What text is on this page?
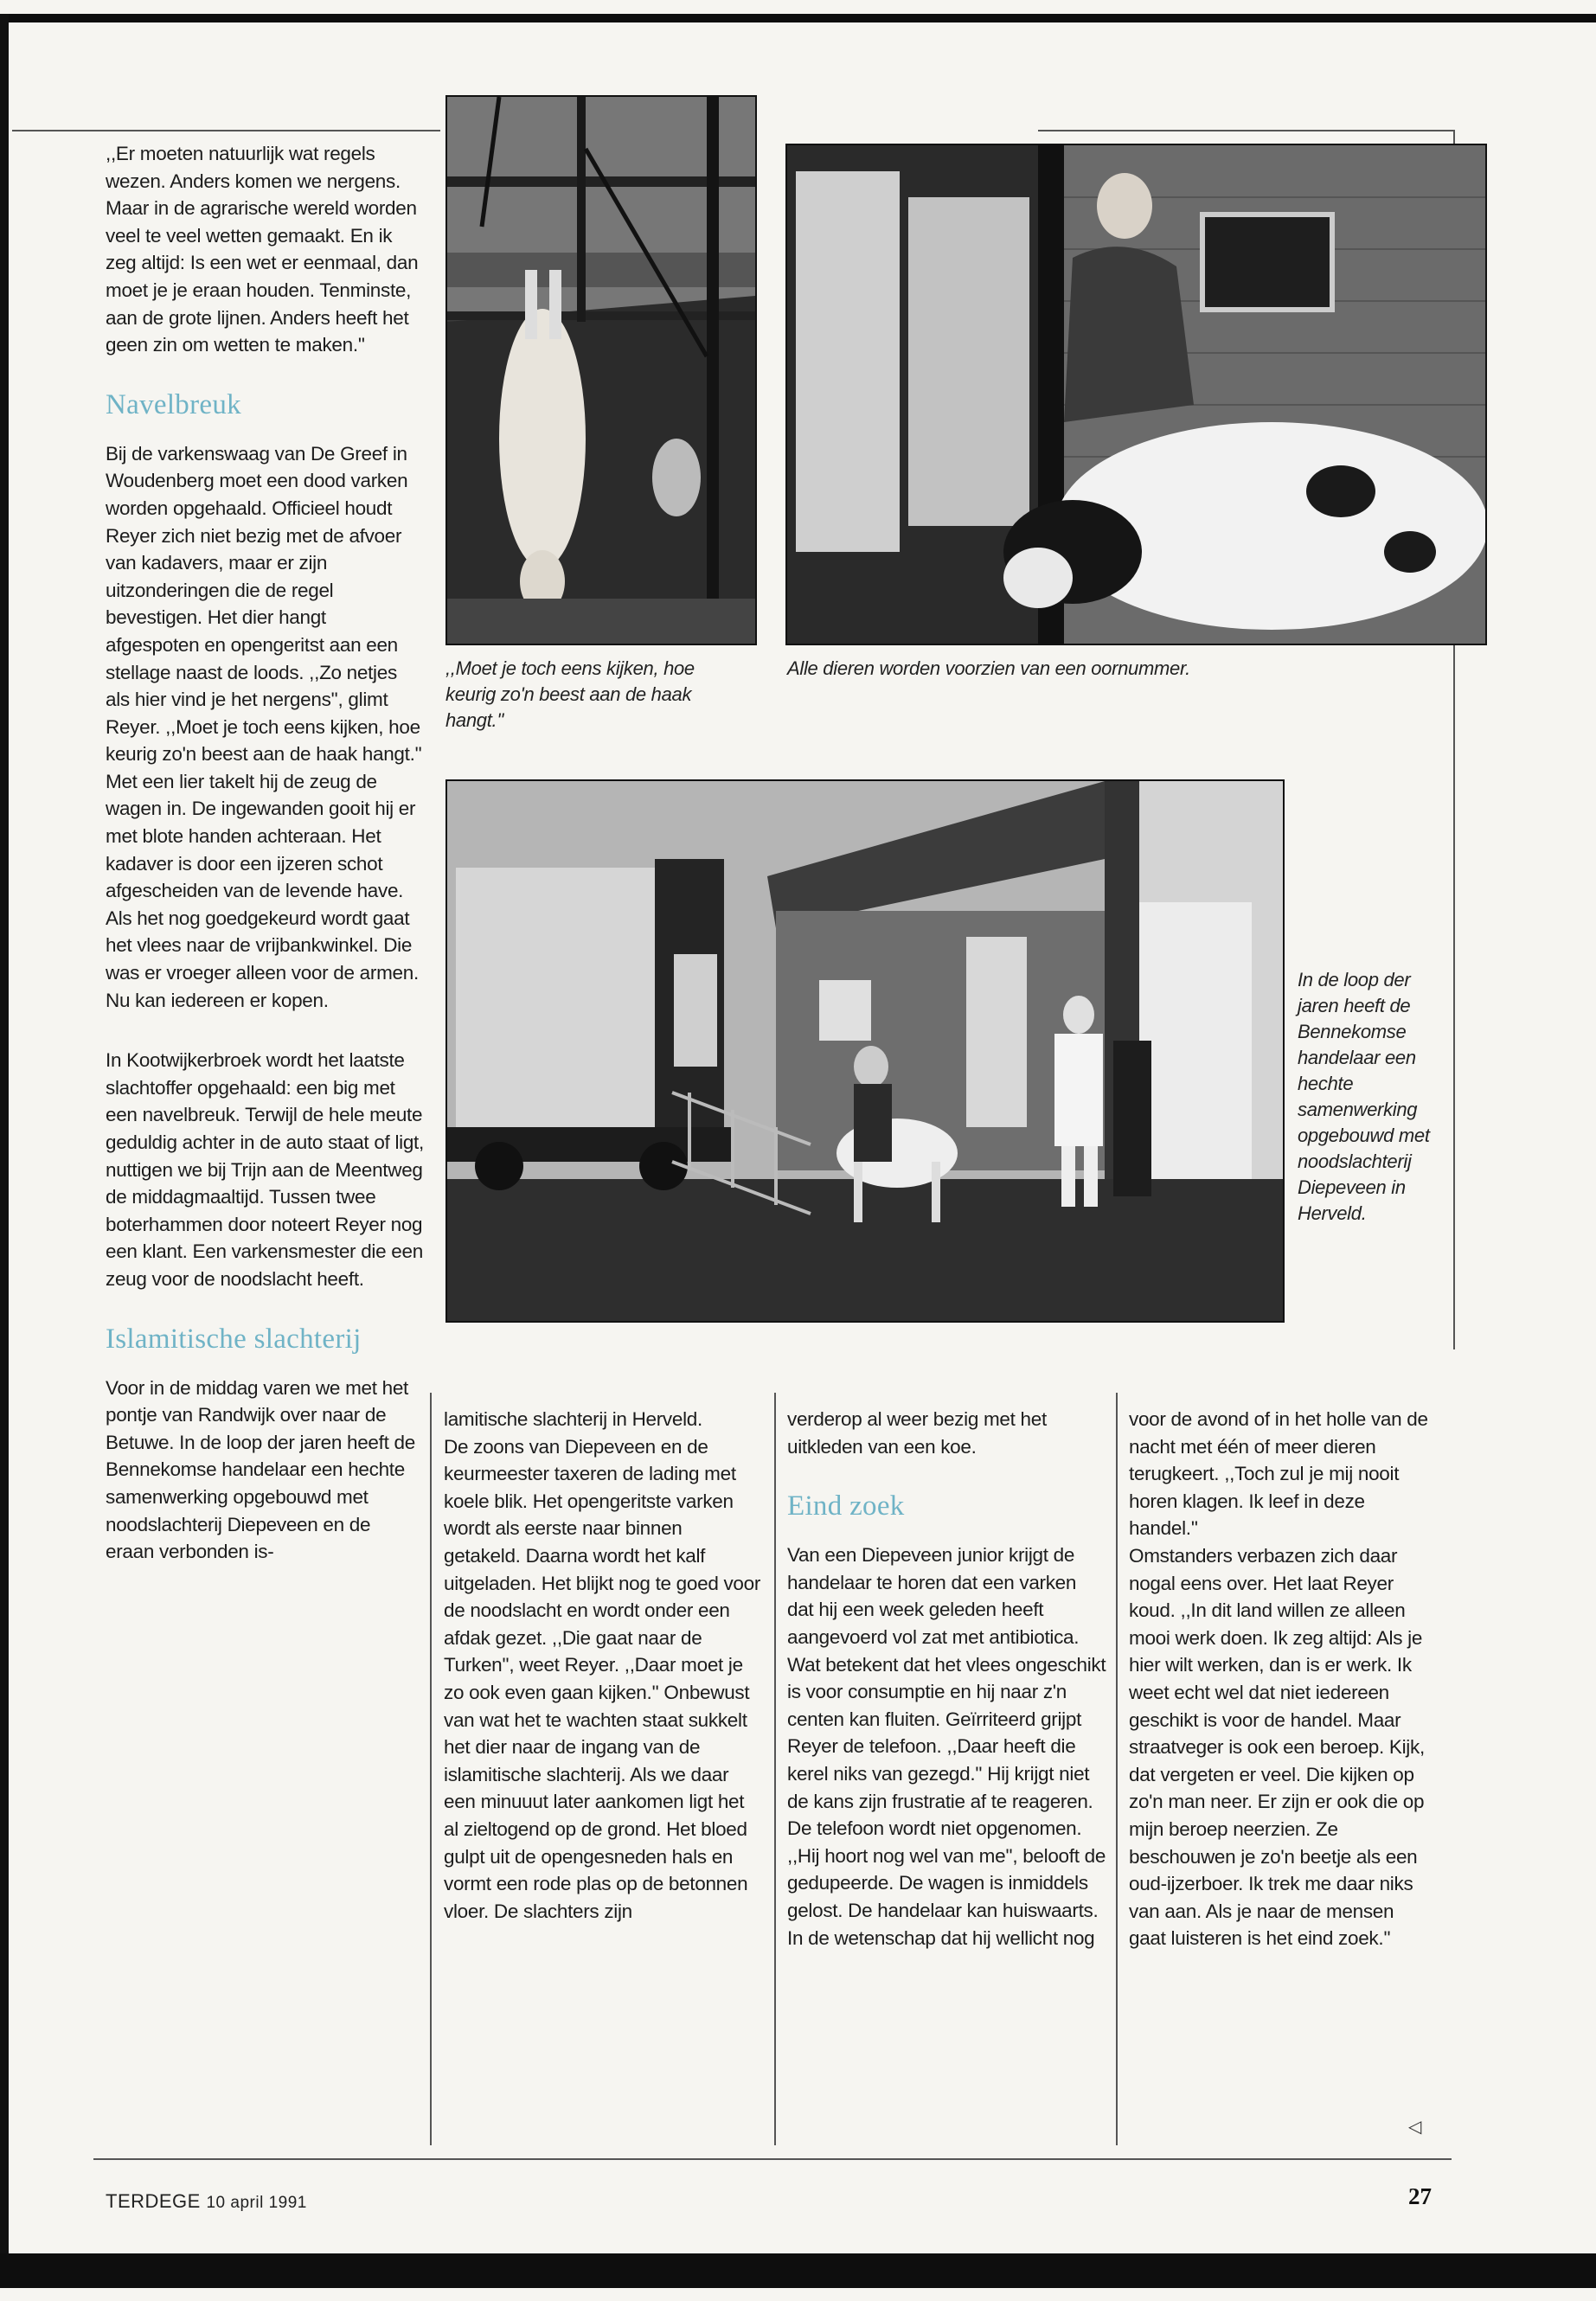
,,Er moeten natuurlijk wat regels wezen. Anders komen we nergens. Maar in de agrarische wereld worden veel te veel wetten gemaakt. En ik zeg altijd: Is een wet er eenmaal, dan moet je je eraan houden. Tenminste, aan de grote lijnen. Anders heeft het geen zin om wetten te maken.''

Navelbreuk

Bij de varkenswaag van De Greef in Woudenberg moet een dood varken worden opgehaald. Officieel houdt Reyer zich niet bezig met de afvoer van kadavers, maar er zijn uitzonderingen die de regel bevestigen. Het dier hangt afgespoten en opengeritst aan een stellage naast de loods. ,,Zo netjes als hier vind je het nergens'', glimt Reyer. ,,Moet je toch eens kijken, hoe keurig zo'n beest aan de haak hangt.''

Met een lier takelt hij de zeug de wagen in. De ingewanden gooit hij er met blote handen achteraan. Het kadaver is door een ijzeren schot afgescheiden van de levende have. Als het nog goedgekeurd wordt gaat het vlees naar de vrijbankwinkel. Die was er vroeger alleen voor de armen. Nu kan iedereen er kopen.

In Kootwijkerbroek wordt het laatste slachtoffer opgehaald: een big met een navelbreuk. Terwijl de hele meute geduldig achter in de auto staat of ligt, nuttigen we bij Trijn aan de Meentweg de middagmaaltijd. Tussen twee boterhammen door noteert Reyer nog een klant. Een varkensmester die een zeug voor de noodslacht heeft.

Islamitische slachterij

Voor in de middag varen we met het pontje van Randwijk over naar de Betuwe. In de loop der jaren heeft de Bennekomse handelaar een hechte samenwerking opgebouwd met noodslachterij Diepeveen en de eraan verbonden is-

,,Moet je toch eens kijken, hoe keurig zo'n beest aan de haak hangt.''
Alle dieren worden voorzien van een oornummer.
In de loop der jaren heeft de Bennekomse handelaar een hechte samenwerking opgebouwd met noodslachterij Diepeveen in Herveld.

lamitische slachterij in Herveld.

De zoons van Diepeveen en de keurmeester taxeren de lading met koele blik. Het opengeritste varken wordt als eerste naar binnen getakeld. Daarna wordt het kalf uitgeladen. Het blijkt nog te goed voor de noodslacht en wordt onder een afdak gezet. ,,Die gaat naar de Turken'', weet Reyer. ,,Daar moet je zo ook even gaan kijken.'' Onbewust van wat het te wachten staat sukkelt het dier naar de ingang van de islamitische slachterij. Als we daar een minuuut later aankomen ligt het al zieltogend op de grond. Het bloed gulpt uit de opengesneden hals en vormt een rode plas op de betonnen vloer. De slachters zijn

verderop al weer bezig met het uitkleden van een koe.

Eind zoek

Van een Diepeveen junior krijgt de handelaar te horen dat een varken dat hij een week geleden heeft aangevoerd vol zat met antibiotica. Wat betekent dat het vlees ongeschikt is voor consumptie en hij naar z'n centen kan fluiten. Geïrriteerd grijpt Reyer de telefoon. ,,Daar heeft die kerel niks van gezegd.'' Hij krijgt niet de kans zijn frustratie af te reageren. De telefoon wordt niet opgenomen. ,,Hij hoort nog wel van me'', belooft de gedupeerde. De wagen is inmiddels gelost. De handelaar kan huiswaarts. In de wetenschap dat hij wellicht nog

voor de avond of in het holle van de nacht met één of meer dieren terugkeert. ,,Toch zul je mij nooit horen klagen. Ik leef in deze handel.''

Omstanders verbazen zich daar nogal eens over. Het laat Reyer koud. ,,In dit land willen ze alleen mooi werk doen. Ik zeg altijd: Als je hier wilt werken, dan is er werk. Ik weet echt wel dat niet iedereen geschikt is voor de handel. Maar straatveger is ook een beroep. Kijk, dat vergeten er veel. Die kijken op zo'n man neer. Er zijn er ook die op mijn beroep neerzien. Ze beschouwen je zo'n beetje als een oud-ijzerboer. Ik trek me daar niks van aan. Als je naar de mensen gaat luisteren is het eind zoek.''

◁
TERDEGE 10 april 1991	27
